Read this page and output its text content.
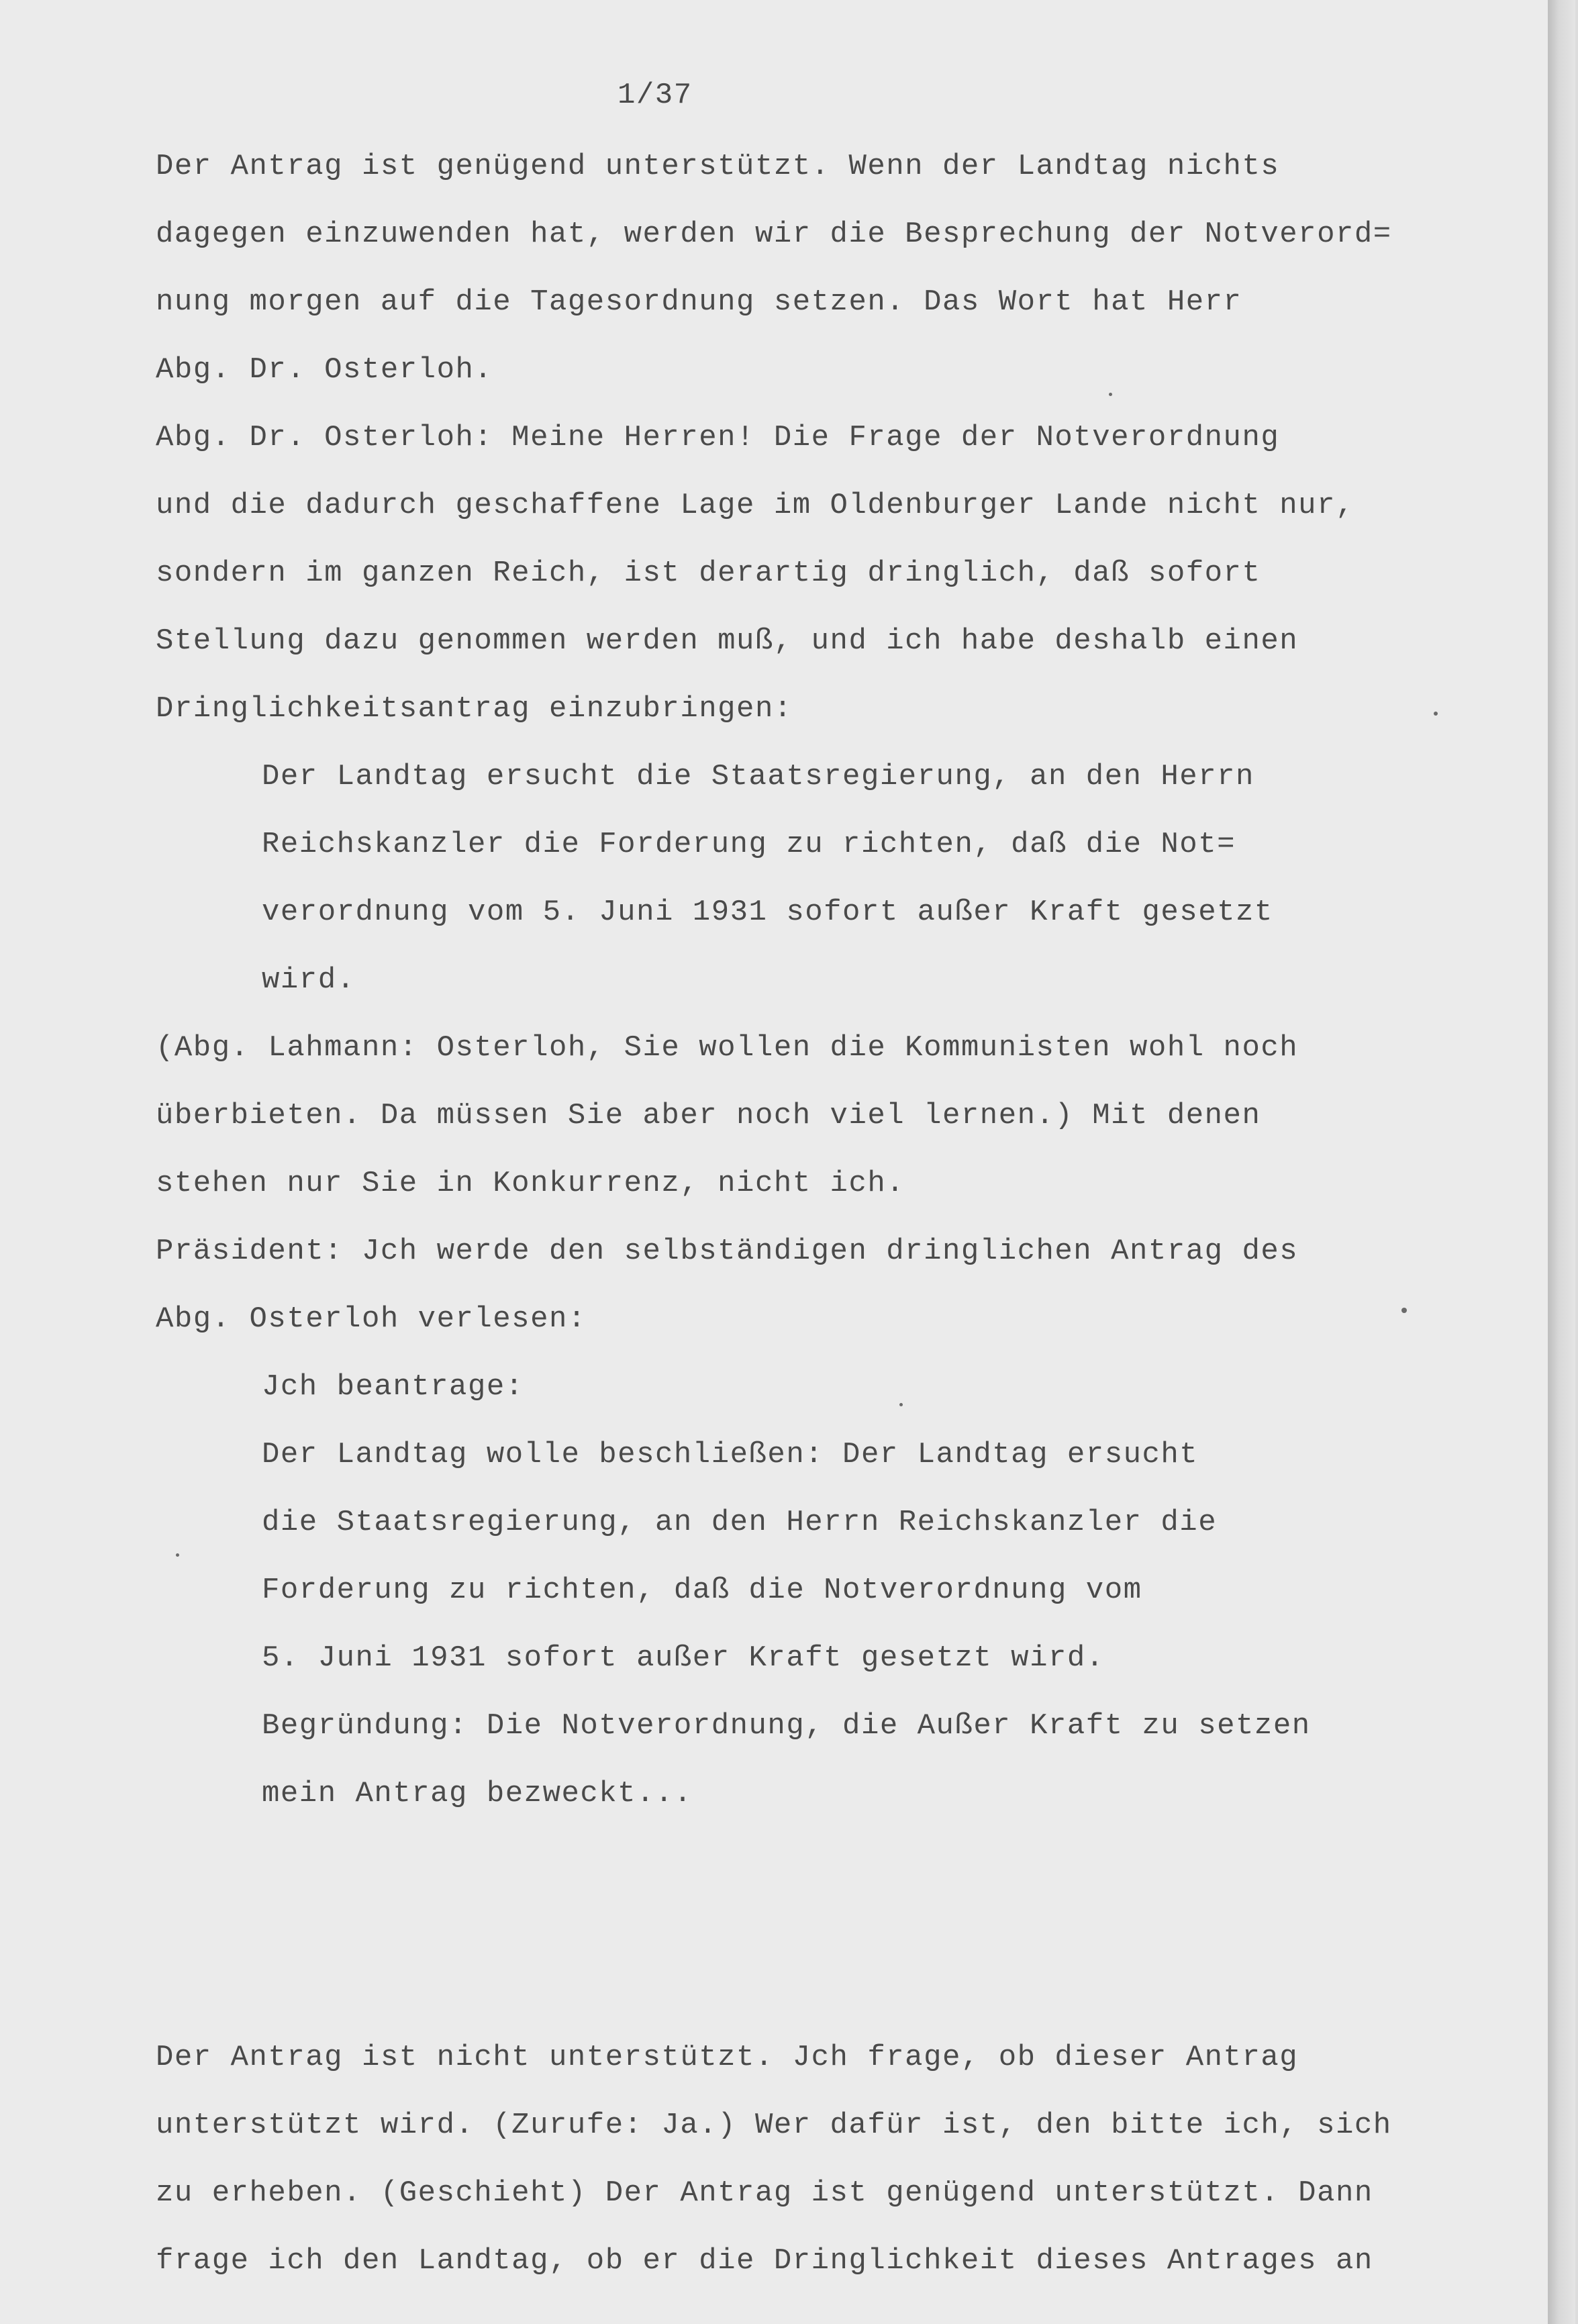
1/37
Der Antrag ist genügend unterstützt. Wenn der Landtag nichts
dagegen einzuwenden hat, werden wir die Besprechung der Notverord=
nung morgen auf die Tagesordnung setzen. Das Wort hat Herr
Abg. Dr. Osterloh.
Abg. Dr. Osterloh: Meine Herren! Die Frage der Notverordnung
und die dadurch geschaffene Lage im Oldenburger Lande nicht nur,
sondern im ganzen Reich, ist derartig dringlich, daß sofort
Stellung dazu genommen werden muß, und ich habe deshalb einen
Dringlichkeitsantrag einzubringen:
Der Landtag ersucht die Staatsregierung, an den Herrn
Reichskanzler die Forderung zu richten, daß die Not=
verordnung vom 5. Juni 1931 sofort außer Kraft gesetzt
wird.
(Abg. Lahmann: Osterloh, Sie wollen die Kommunisten wohl noch
überbieten. Da müssen Sie aber noch viel lernen.) Mit denen
stehen nur Sie in Konkurrenz, nicht ich.
Präsident: Jch werde den selbständigen dringlichen Antrag des
Abg. Osterloh verlesen:
Jch beantrage:
Der Landtag wolle beschließen: Der Landtag ersucht
die Staatsregierung, an den Herrn Reichskanzler die
Forderung zu richten, daß die Notverordnung vom
5. Juni 1931 sofort außer Kraft gesetzt wird.
Begründung: Die Notverordnung, die Außer Kraft zu setzen
mein Antrag bezweckt...
Der Antrag ist nicht unterstützt. Jch frage, ob dieser Antrag
unterstützt wird. (Zurufe: Ja.) Wer dafür ist, den bitte ich, sich
zu erheben. (Geschieht) Der Antrag ist genügend unterstützt. Dann
frage ich den Landtag, ob er die Dringlichkeit dieses Antrages an
